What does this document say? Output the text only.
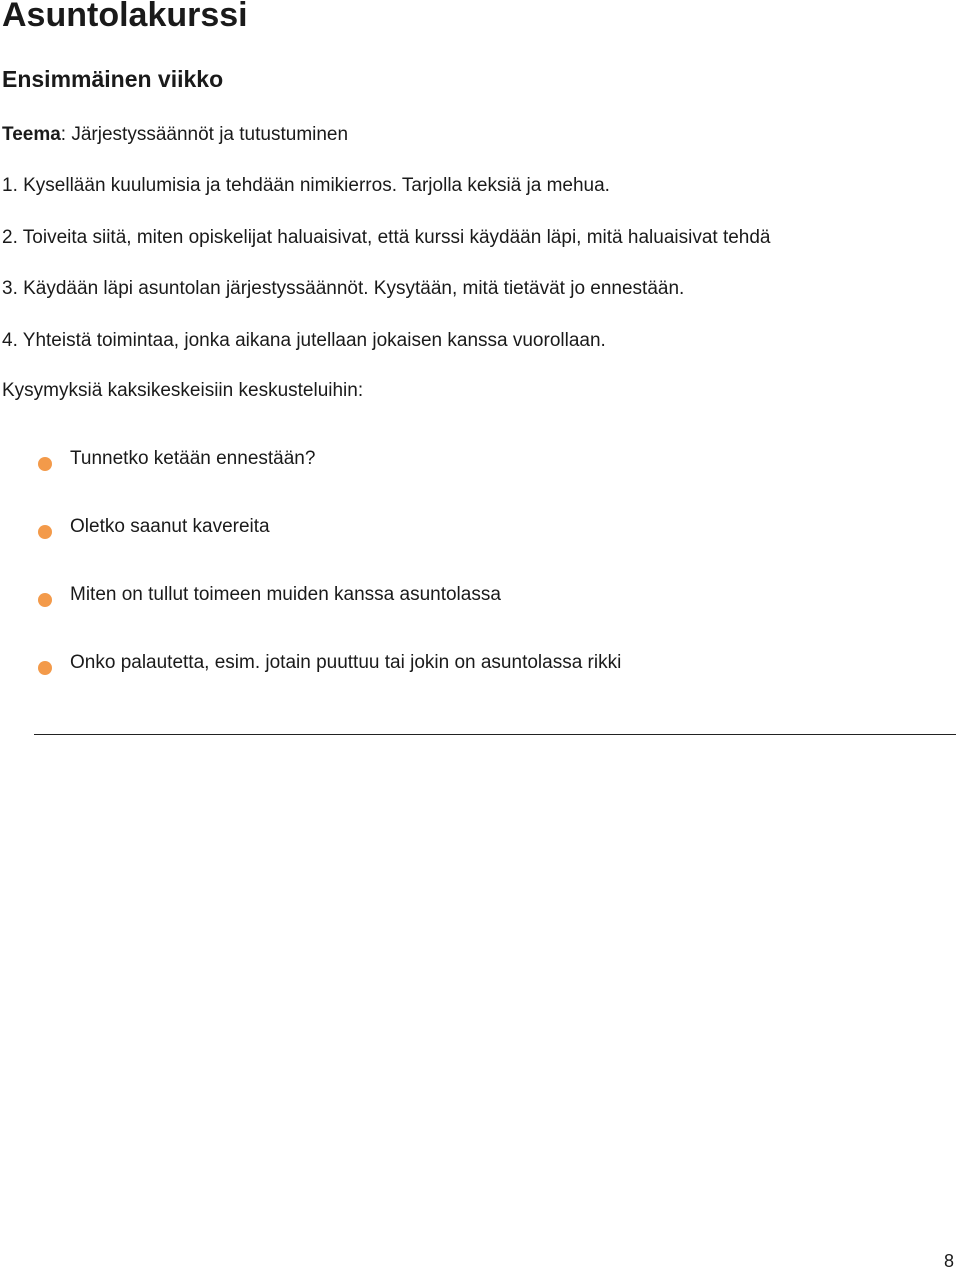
Asuntolakurssi
Ensimmäinen viikko

Teema: Järjestyssäännöt ja tutustuminen

1. Kysellään kuulumisia ja tehdään nimikierros. Tarjolla keksiä ja mehua.

2. Toiveita siitä, miten opiskelijat haluaisivat, että kurssi käydään läpi, mitä haluaisivat tehdä

3. Käydään läpi asuntolan järjestyssäännöt. Kysytään, mitä tietävät jo ennestään.

4. Yhteistä toimintaa, jonka aikana jutellaan jokaisen kanssa vuorollaan.

Kysymyksiä kaksikeskeisiin keskusteluihin:

Tunnetko ketään ennestään?
Oletko saanut kavereita
Miten on tullut toimeen muiden kanssa asuntolassa
Onko palautetta, esim. jotain puuttuu tai jokin on asuntolassa rikki
8
